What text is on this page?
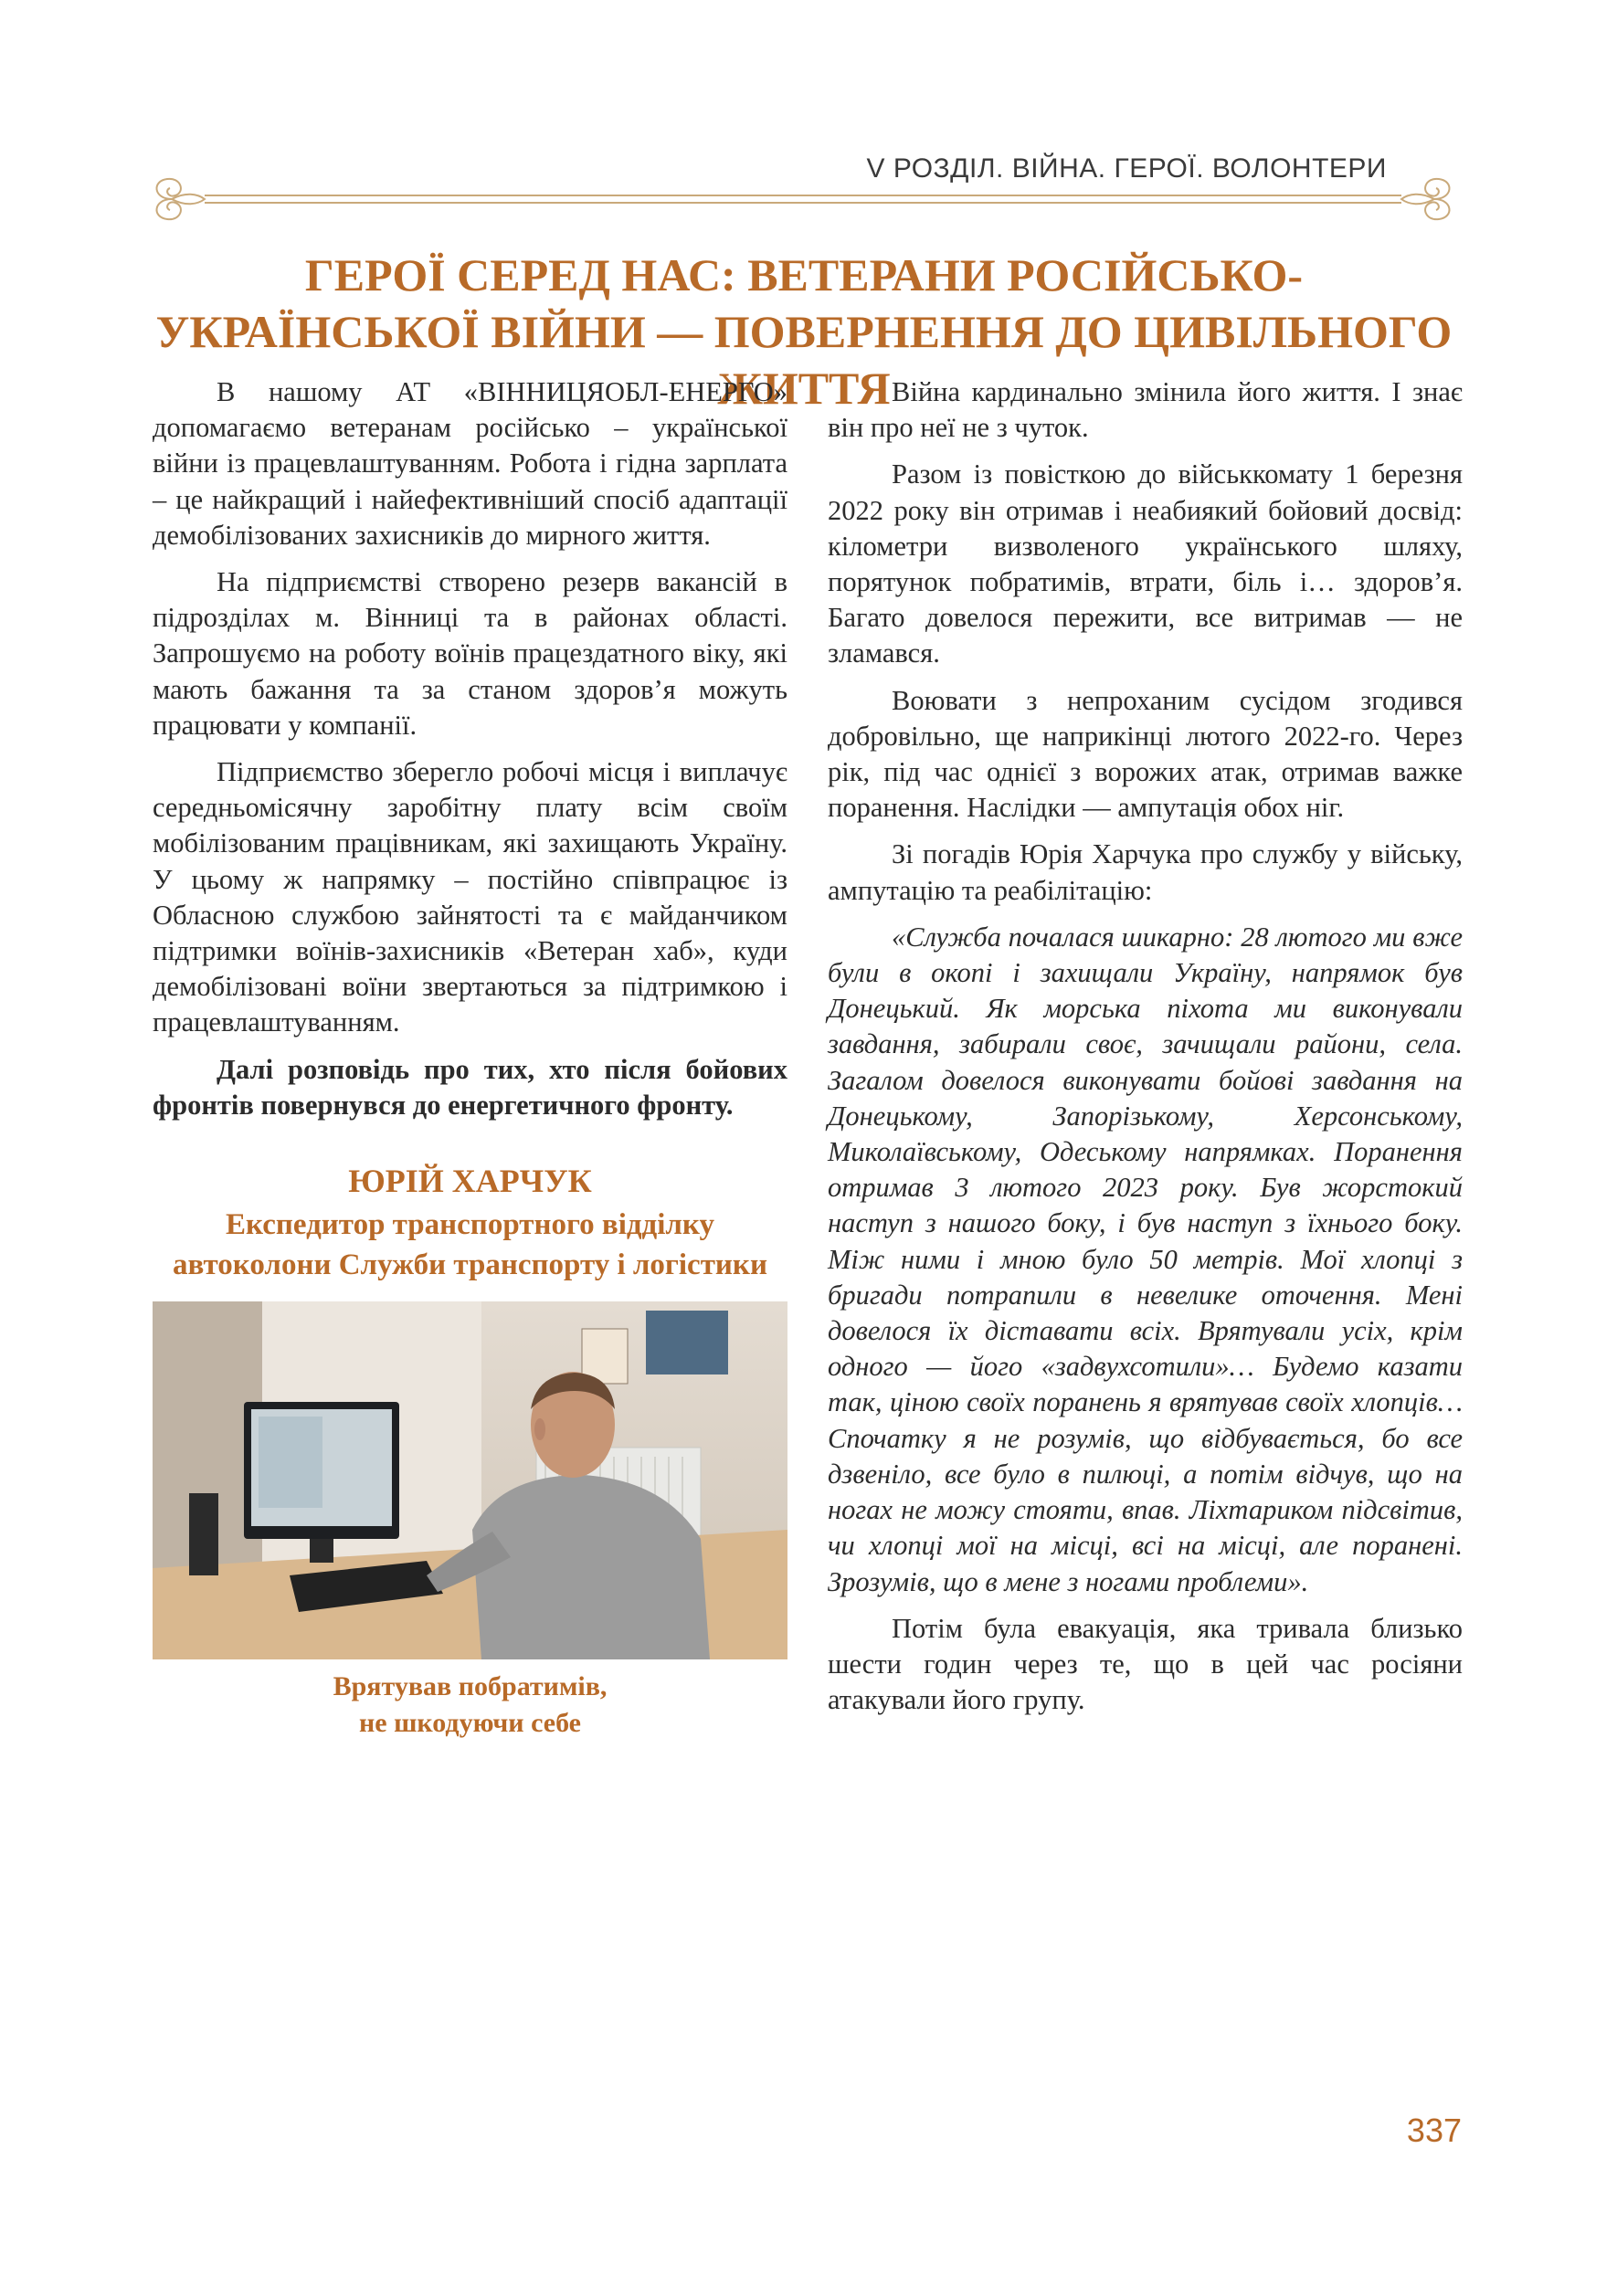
V РОЗДІЛ. ВІЙНА. ГЕРОЇ. ВОЛОНТЕРИ
ГЕРОЇ СЕРЕД НАС: ВЕТЕРАНИ РОСІЙСЬКО-УКРАЇНСЬКОЇ ВІЙНИ — ПОВЕРНЕННЯ ДО ЦИВІЛЬНОГО ЖИТТЯ

В нашому АТ «ВІННИЦЯОБЛ-ЕНЕРГО» допомагаємо ветеранам російсько – української війни із працевлаштуванням. Робота і гідна зарплата – це найкращий і найефективніший спосіб адаптації демобілізованих захисників до мирного життя.

На підприємстві створено резерв вакансій в підрозділах м. Вінниці та в районах області. Запрошуємо на роботу воїнів працездатного віку, які мають бажання та за станом здоров’я можуть працювати у компанії.

Підприємство зберегло робочі місця і виплачує середньомісячну заробітну плату всім своїм мобілізованим працівникам, які захищають Україну. У цьому ж напрямку – постійно співпрацює із Обласною службою зайнятості та є майданчиком підтримки воїнів-захисників «Ветеран хаб», куди демобілізовані воїни звертаються за підтримкою і працевлаштуванням.

Далі розповідь про тих, хто після бойових фронтів повернувся до енергетичного фронту.

ЮРІЙ ХАРЧУК
Експедитор транспортного відділку автоколони Служби транспорту і логістики
Врятував побратимів,
не шкодуючи себе

Війна кардинально змінила його життя. І знає він про неї не з чуток.

Разом із повісткою до військкомату 1 березня 2022 року він отримав і неабиякий бойовий досвід: кілометри визволеного українського шляху, порятунок побратимів, втрати, біль і… здоров’я. Багато довелося пережити, все витримав — не зламався.

Воювати з непроханим сусідом згодився добровільно, ще наприкінці лютого 2022-го. Через рік, під час однієї з ворожих атак, отримав важке поранення. Наслідки — ампутація обох ніг.

Зі погадів Юрія Харчука про службу у війську, ампутацію та реабілітацію:

«Служба почалася шикарно: 28 лютого ми вже були в окопі і захищали Україну, напрямок був Донецький. Як морська піхота ми виконували завдання, забирали своє, зачищали райони, села. Загалом довелося виконувати бойові завдання на Донецькому, Запорізькому, Херсонському, Миколаївському, Одеському напрямках. Поранення отримав 3 лютого 2023 року. Був жорстокий наступ з нашого боку, і був наступ з їхнього боку. Між ними і мною було 50 метрів. Мої хлопці з бригади потрапили в невелике оточення. Мені довелося їх діставати всіх. Врятували усіх, крім одного — його «задвухсотили»… Будемо казати так, ціною своїх поранень я врятував своїх хлопців…Спочатку я не розумів, що відбувається, бо все дзвеніло, все було в пилюці, а потім відчув, що на ногах не можу стояти, впав. Ліхтариком підсвітив, чи хлопці мої на місці, всі на місці, але поранені. Зрозумів, що в мене з ногами проблеми».

Потім була евакуація, яка тривала близько шести годин через те, що в цей час росіяни атакували його групу.

337
